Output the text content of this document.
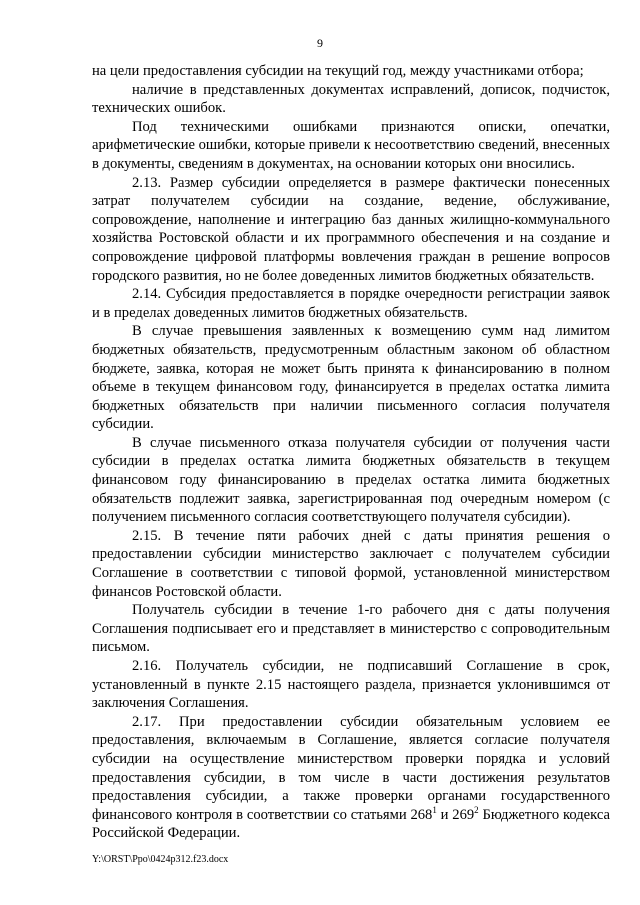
9

на цели предоставления субсидии на текущий год, между участниками отбора;

наличие в представленных документах исправлений, дописок, подчисток, технических ошибок.

Под техническими ошибками признаются описки, опечатки, арифметические ошибки, которые привели к несоответствию сведений, внесенных в документы, сведениям в документах, на основании которых они вносились.

2.13. Размер субсидии определяется в размере фактически понесенных затрат получателем субсидии на создание, ведение, обслуживание, сопровождение, наполнение и интеграцию баз данных жилищно-коммунального хозяйства Ростовской области и их программного обеспечения и на создание и сопровождение цифровой платформы вовлечения граждан в решение вопросов городского развития, но не более доведенных лимитов бюджетных обязательств.

2.14. Субсидия предоставляется в порядке очередности регистрации заявок и в пределах доведенных лимитов бюджетных обязательств.

В случае превышения заявленных к возмещению сумм над лимитом бюджетных обязательств, предусмотренным областным законом об областном бюджете, заявка, которая не может быть принята к финансированию в полном объеме в текущем финансовом году, финансируется в пределах остатка лимита бюджетных обязательств при наличии письменного согласия получателя субсидии.

В случае письменного отказа получателя субсидии от получения части субсидии в пределах остатка лимита бюджетных обязательств в текущем финансовом году финансированию в пределах остатка лимита бюджетных обязательств подлежит заявка, зарегистрированная под очередным номером (с получением письменного согласия соответствующего получателя субсидии).

2.15. В течение пяти рабочих дней с даты принятия решения о предоставлении субсидии министерство заключает с получателем субсидии Соглашение в соответствии с типовой формой, установленной министерством финансов Ростовской области.

Получатель субсидии в течение 1-го рабочего дня с даты получения Соглашения подписывает его и представляет в министерство с сопроводительным письмом.

2.16. Получатель субсидии, не подписавший Соглашение в срок, установленный в пункте 2.15 настоящего раздела, признается уклонившимся от заключения Соглашения.

2.17. При предоставлении субсидии обязательным условием ее предоставления, включаемым в Соглашение, является согласие получателя субсидии на осуществление министерством проверки порядка и условий предоставления субсидии, в том числе в части достижения результатов предоставления субсидии, а также проверки органами государственного финансового контроля в соответствии со статьями $268^1$ и $269^2$ Бюджетного кодекса Российской Федерации.

Y:\ORST\Ppo\0424p312.f23.docx
